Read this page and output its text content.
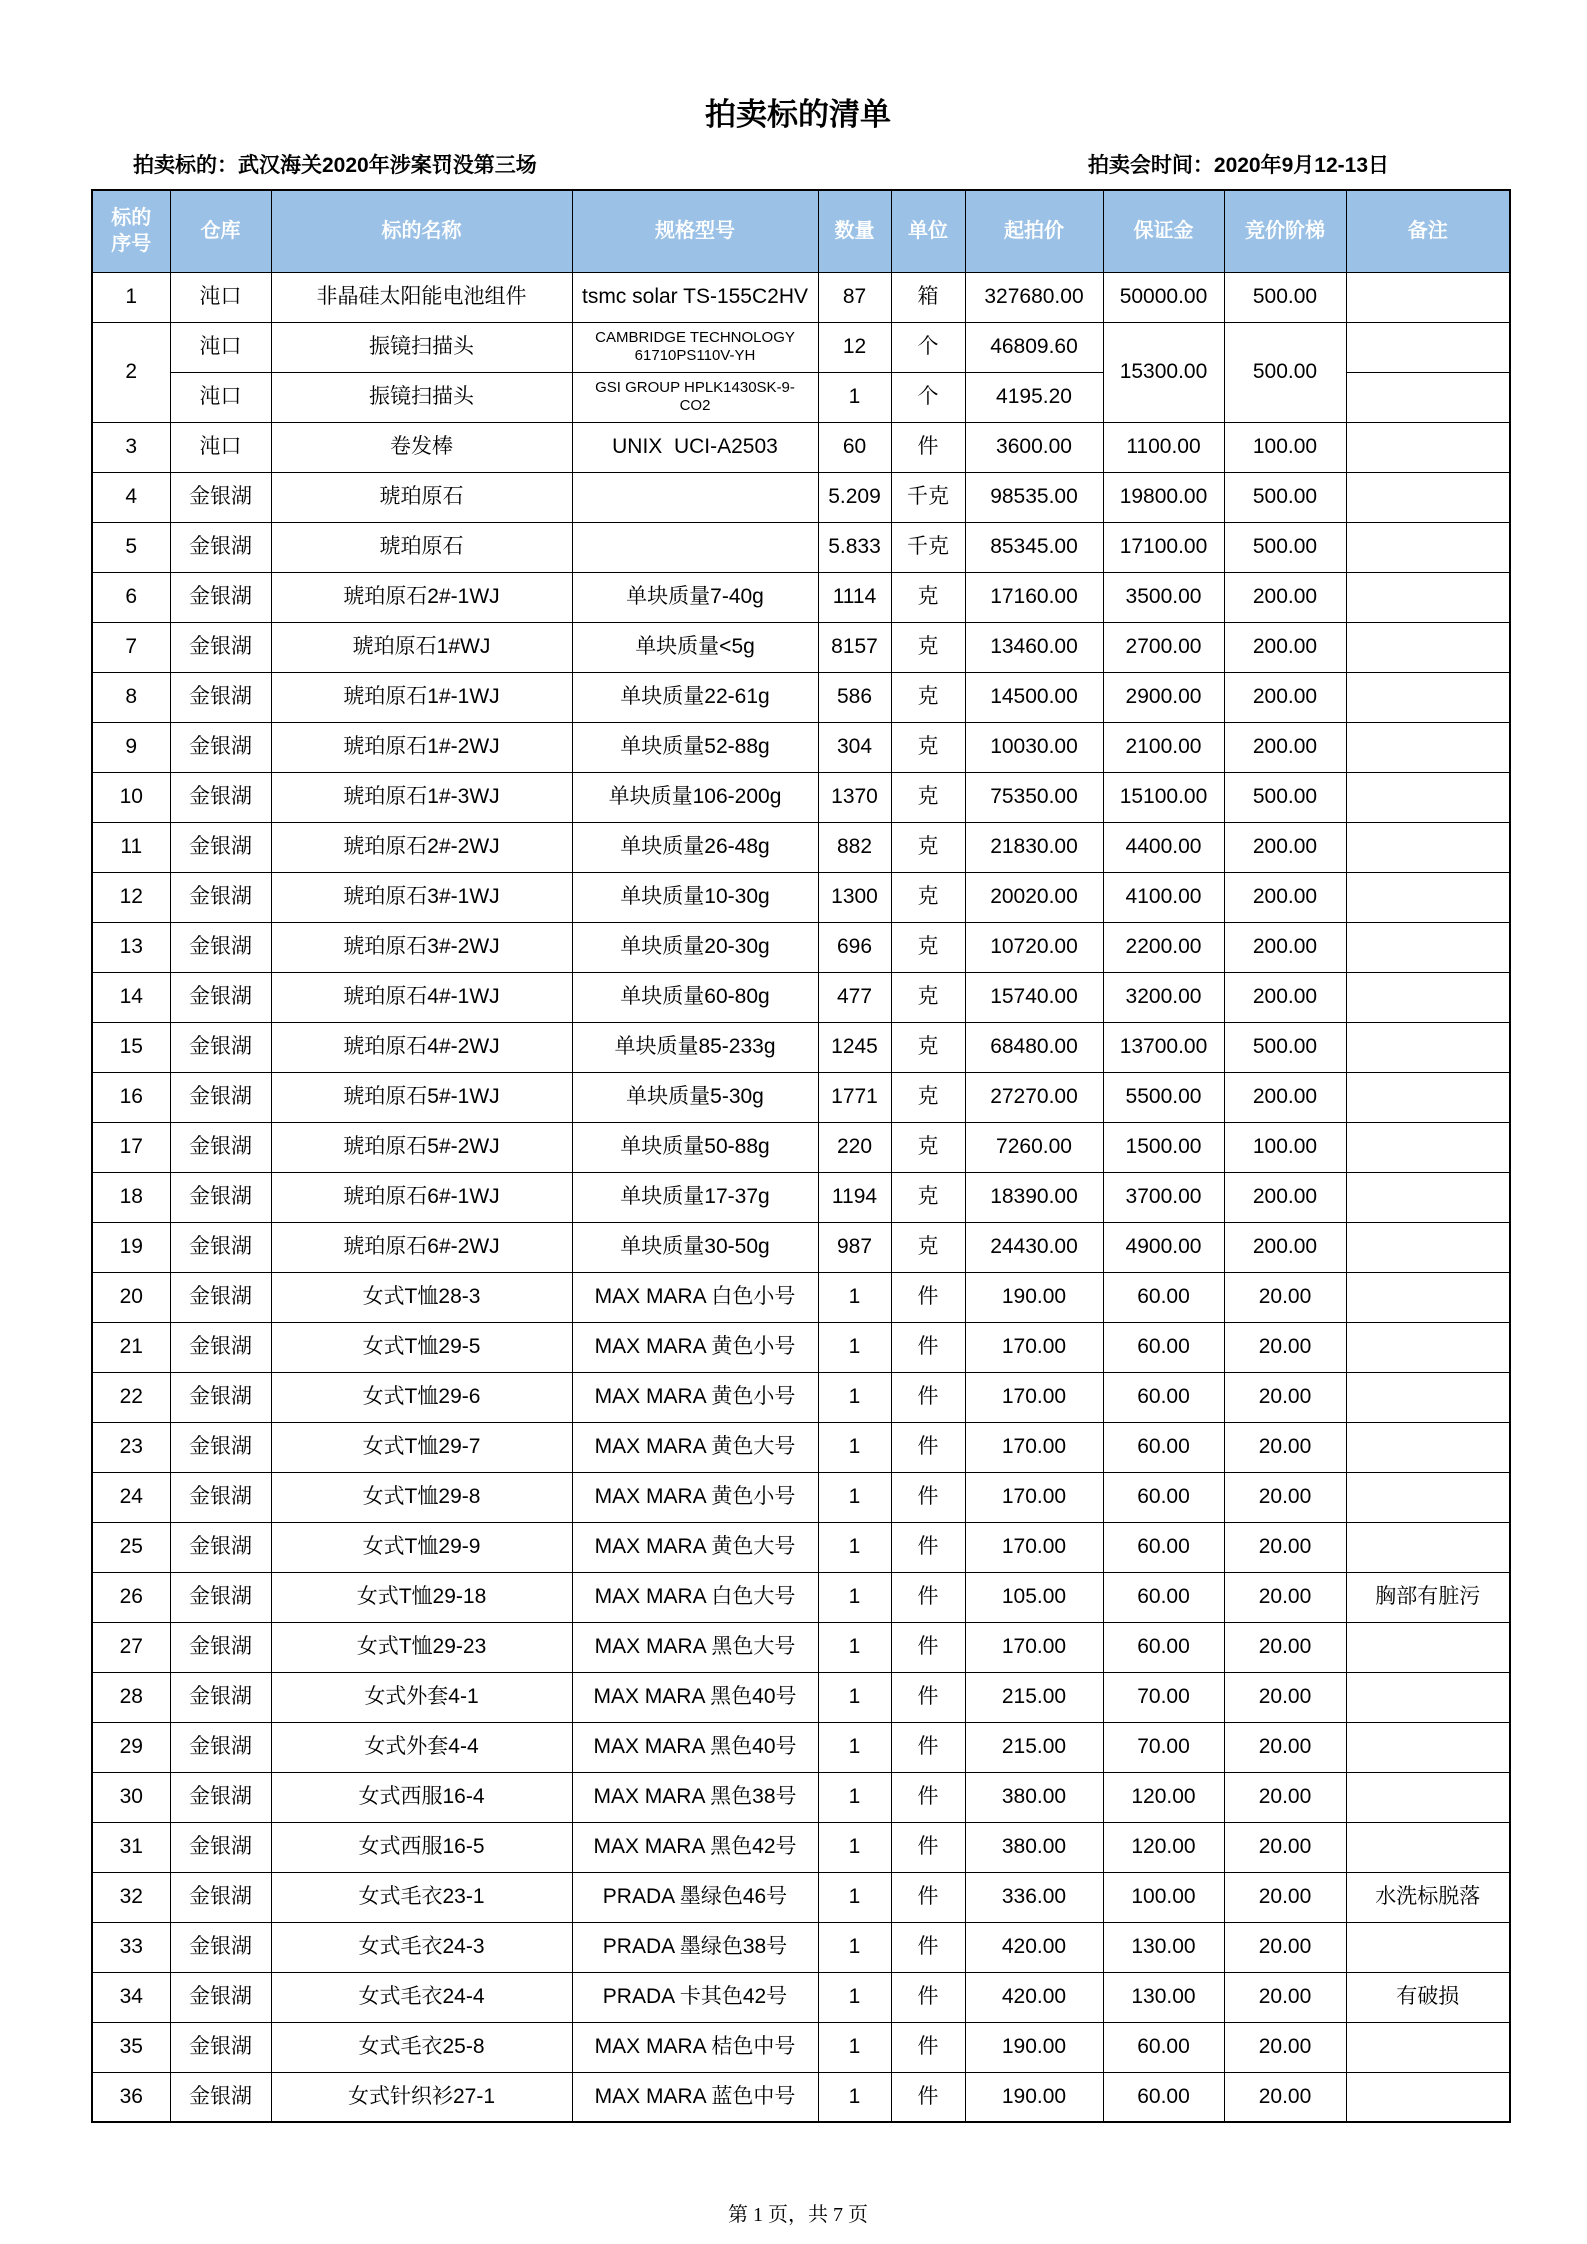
拍卖标的清单
拍卖标的：武汉海关2020年涉案罚没第三场	拍卖会时间：2020年9月12-13日
标的
序号	仓库	标的名称	规格型号	数量	单位	起拍价	保证金	竞价阶梯	备注
1	沌口	非晶硅太阳能电池组件	tsmc solar TS-155C2HV	87	箱	327680.00	50000.00	500.00	
2	沌口	振镜扫描头	CAMBRIDGE TECHNOLOGY 61710PS110V-YH	12	个	46809.60	15300.00	500.00	
	沌口	振镜扫描头	GSI GROUP HPLK1430SK-9-CO2	1	个	4195.20			
3	沌口	卷发棒	UNIX  UCI-A2503	60	件	3600.00	1100.00	100.00	
4	金银湖	琥珀原石		5.209	千克	98535.00	19800.00	500.00	
5	金银湖	琥珀原石		5.833	千克	85345.00	17100.00	500.00	
6	金银湖	琥珀原石2#-1WJ	单块质量7-40g	1114	克	17160.00	3500.00	200.00	
7	金银湖	琥珀原石1#WJ	单块质量<5g	8157	克	13460.00	2700.00	200.00	
8	金银湖	琥珀原石1#-1WJ	单块质量22-61g	586	克	14500.00	2900.00	200.00	
9	金银湖	琥珀原石1#-2WJ	单块质量52-88g	304	克	10030.00	2100.00	200.00	
10	金银湖	琥珀原石1#-3WJ	单块质量106-200g	1370	克	75350.00	15100.00	500.00	
11	金银湖	琥珀原石2#-2WJ	单块质量26-48g	882	克	21830.00	4400.00	200.00	
12	金银湖	琥珀原石3#-1WJ	单块质量10-30g	1300	克	20020.00	4100.00	200.00	
13	金银湖	琥珀原石3#-2WJ	单块质量20-30g	696	克	10720.00	2200.00	200.00	
14	金银湖	琥珀原石4#-1WJ	单块质量60-80g	477	克	15740.00	3200.00	200.00	
15	金银湖	琥珀原石4#-2WJ	单块质量85-233g	1245	克	68480.00	13700.00	500.00	
16	金银湖	琥珀原石5#-1WJ	单块质量5-30g	1771	克	27270.00	5500.00	200.00	
17	金银湖	琥珀原石5#-2WJ	单块质量50-88g	220	克	7260.00	1500.00	100.00	
18	金银湖	琥珀原石6#-1WJ	单块质量17-37g	1194	克	18390.00	3700.00	200.00	
19	金银湖	琥珀原石6#-2WJ	单块质量30-50g	987	克	24430.00	4900.00	200.00	
20	金银湖	女式T恤28-3	MAX MARA 白色小号	1	件	190.00	60.00	20.00	
21	金银湖	女式T恤29-5	MAX MARA 黄色小号	1	件	170.00	60.00	20.00	
22	金银湖	女式T恤29-6	MAX MARA 黄色小号	1	件	170.00	60.00	20.00	
23	金银湖	女式T恤29-7	MAX MARA 黄色大号	1	件	170.00	60.00	20.00	
24	金银湖	女式T恤29-8	MAX MARA 黄色小号	1	件	170.00	60.00	20.00	
25	金银湖	女式T恤29-9	MAX MARA 黄色大号	1	件	170.00	60.00	20.00	
26	金银湖	女式T恤29-18	MAX MARA 白色大号	1	件	105.00	60.00	20.00	胸部有脏污
27	金银湖	女式T恤29-23	MAX MARA 黑色大号	1	件	170.00	60.00	20.00	
28	金银湖	女式外套4-1	MAX MARA 黑色40号	1	件	215.00	70.00	20.00	
29	金银湖	女式外套4-4	MAX MARA 黑色40号	1	件	215.00	70.00	20.00	
30	金银湖	女式西服16-4	MAX MARA 黑色38号	1	件	380.00	120.00	20.00	
31	金银湖	女式西服16-5	MAX MARA 黑色42号	1	件	380.00	120.00	20.00	
32	金银湖	女式毛衣23-1	PRADA 墨绿色46号	1	件	336.00	100.00	20.00	水洗标脱落
33	金银湖	女式毛衣24-3	PRADA 墨绿色38号	1	件	420.00	130.00	20.00	
34	金银湖	女式毛衣24-4	PRADA 卡其色42号	1	件	420.00	130.00	20.00	有破损
35	金银湖	女式毛衣25-8	MAX MARA 桔色中号	1	件	190.00	60.00	20.00	
36	金银湖	女式针织衫27-1	MAX MARA 蓝色中号	1	件	190.00	60.00	20.00	
第 1 页，共 7 页
